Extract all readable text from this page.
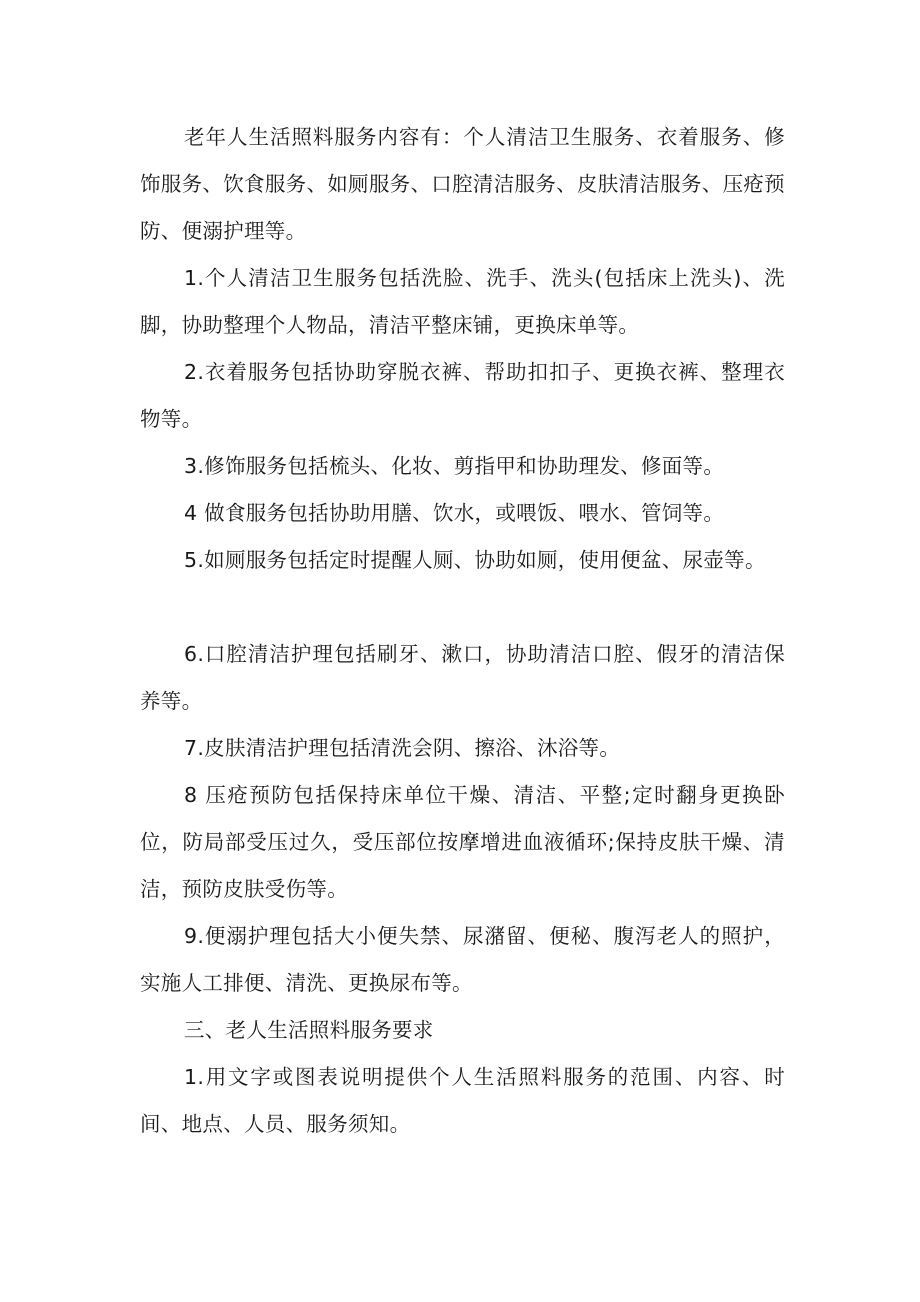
老年人生活照料服务内容有：个人清洁卫生服务、衣着服务、修饰服务、饮食服务、如厕服务、口腔清洁服务、皮肤清洁服务、压疮预防、便溺护理等。

1.个人清洁卫生服务包括洗脸、洗手、洗头(包括床上洗头)、洗脚，协助整理个人物品，清洁平整床铺，更换床单等。

2.衣着服务包括协助穿脱衣裤、帮助扣扣子、更换衣裤、整理衣物等。

3.修饰服务包括梳头、化妆、剪指甲和协助理发、修面等。

4 做食服务包括协助用膳、饮水，或喂饭、喂水、管饲等。

5.如厕服务包括定时提醒人厕、协助如厕，使用便盆、尿壶等。

6.口腔清洁护理包括刷牙、漱口，协助清洁口腔、假牙的清洁保养等。

7.皮肤清洁护理包括清洗会阴、擦浴、沐浴等。

8 压疮预防包括保持床单位干燥、清洁、平整;定时翻身更换卧位，防局部受压过久，受压部位按摩增进血液循环;保持皮肤干燥、清洁，预防皮肤受伤等。

9.便溺护理包括大小便失禁、尿潴留、便秘、腹泻老人的照护，实施人工排便、清洗、更换尿布等。

三、老人生活照料服务要求

1.用文字或图表说明提供个人生活照料服务的范围、内容、时间、地点、人员、服务须知。
